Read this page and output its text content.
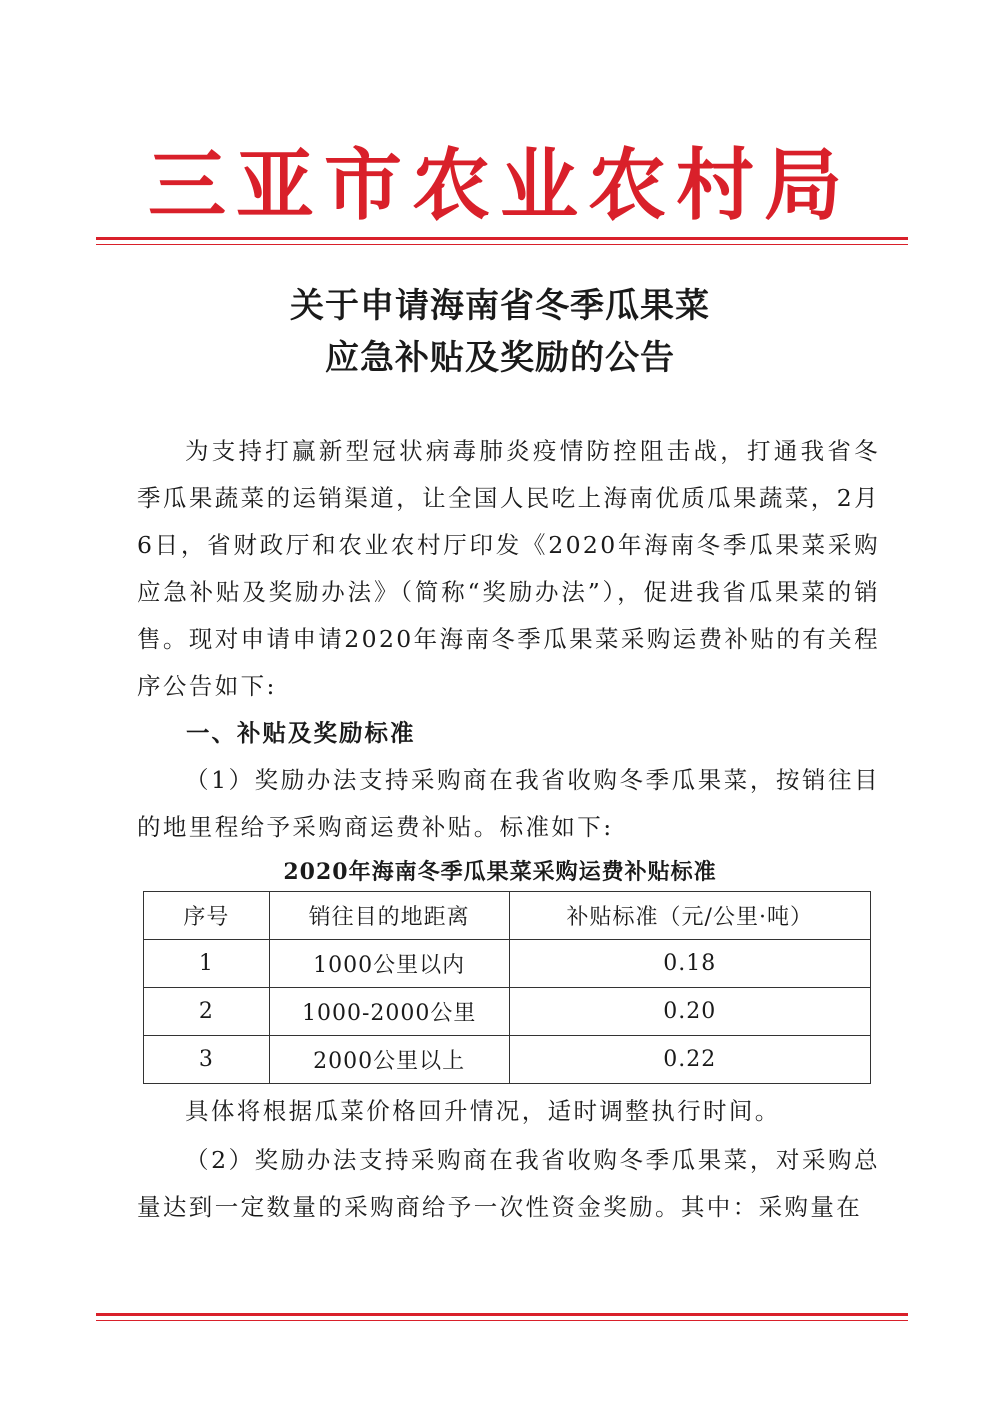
三亚市农业农村局
关于申请海南省冬季瓜果菜
应急补贴及奖励的公告
为支持打赢新型冠状病毒肺炎疫情防控阻击战，打通我省冬季瓜果蔬菜的运销渠道，让全国人民吃上海南优质瓜果蔬菜，2月6日，省财政厅和农业农村厅印发《2020年海南冬季瓜果菜采购应急补贴及奖励办法》（简称“奖励办法”），促进我省瓜果菜的销售。现对申请申请2020年海南冬季瓜果菜采购运费补贴的有关程序公告如下:
一、补贴及奖励标准
（1）奖励办法支持采购商在我省收购冬季瓜果菜，按销往目的地里程给予采购商运费补贴。标准如下:
2020年海南冬季瓜果菜采购运费补贴标准
序号	销往目的地距离	补贴标准（元/公里·吨）
1	1000公里以内	0.18
2	1000-2000公里	0.20
3	2000公里以上	0.22
具体将根据瓜菜价格回升情况，适时调整执行时间。
（2）奖励办法支持采购商在我省收购冬季瓜果菜，对采购总量达到一定数量的采购商给予一次性资金奖励。其中：采购量在
